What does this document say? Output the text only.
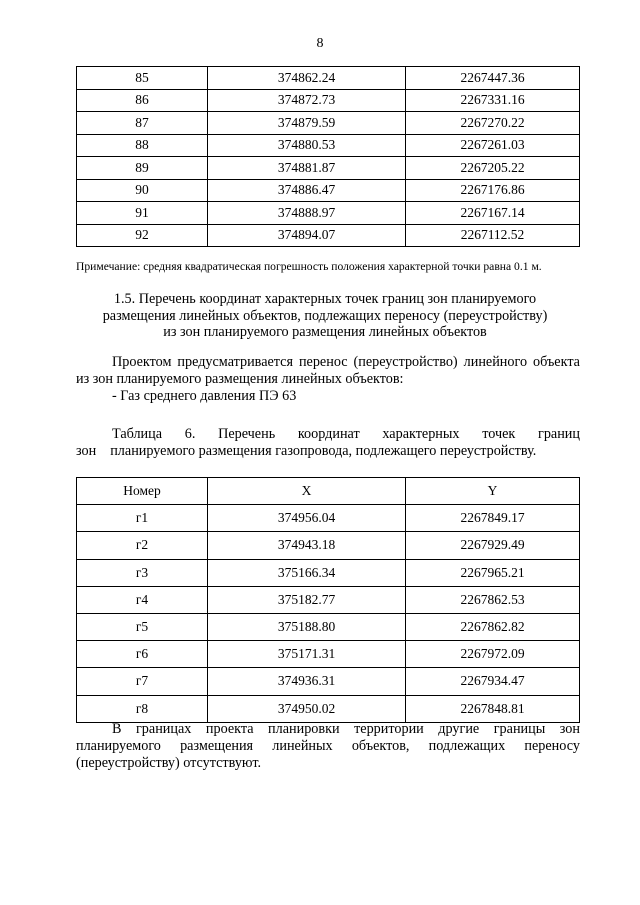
8
85	374862.24	2267447.36
86	374872.73	2267331.16
87	374879.59	2267270.22
88	374880.53	2267261.03
89	374881.87	2267205.22
90	374886.47	2267176.86
91	374888.97	2267167.14
92	374894.07	2267112.52
Примечание: средняя квадратическая погрешность положения характерной точки равна 0.1 м.
1.5. Перечень координат характерных точек границ зон планируемого
размещения линейных объектов, подлежащих переносу (переустройству)
из зон планируемого размещения линейных объектов
Проектом предусматривается перенос (переустройство) линейного объекта
из зон планируемого размещения линейных объектов:
- Газ среднего давления ПЭ 63
Таблица 6. Перечень координат характерных точек границ
зон планируемого размещения газопровода, подлежащего переустройству.
Номер	X	Y
г1	374956.04	2267849.17
г2	374943.18	2267929.49
г3	375166.34	2267965.21
г4	375182.77	2267862.53
г5	375188.80	2267862.82
г6	375171.31	2267972.09
г7	374936.31	2267934.47
г8	374950.02	2267848.81
В границах проекта планировки территории другие границы зон
планируемого размещения линейных объектов, подлежащих переносу
(переустройству) отсутствуют.
